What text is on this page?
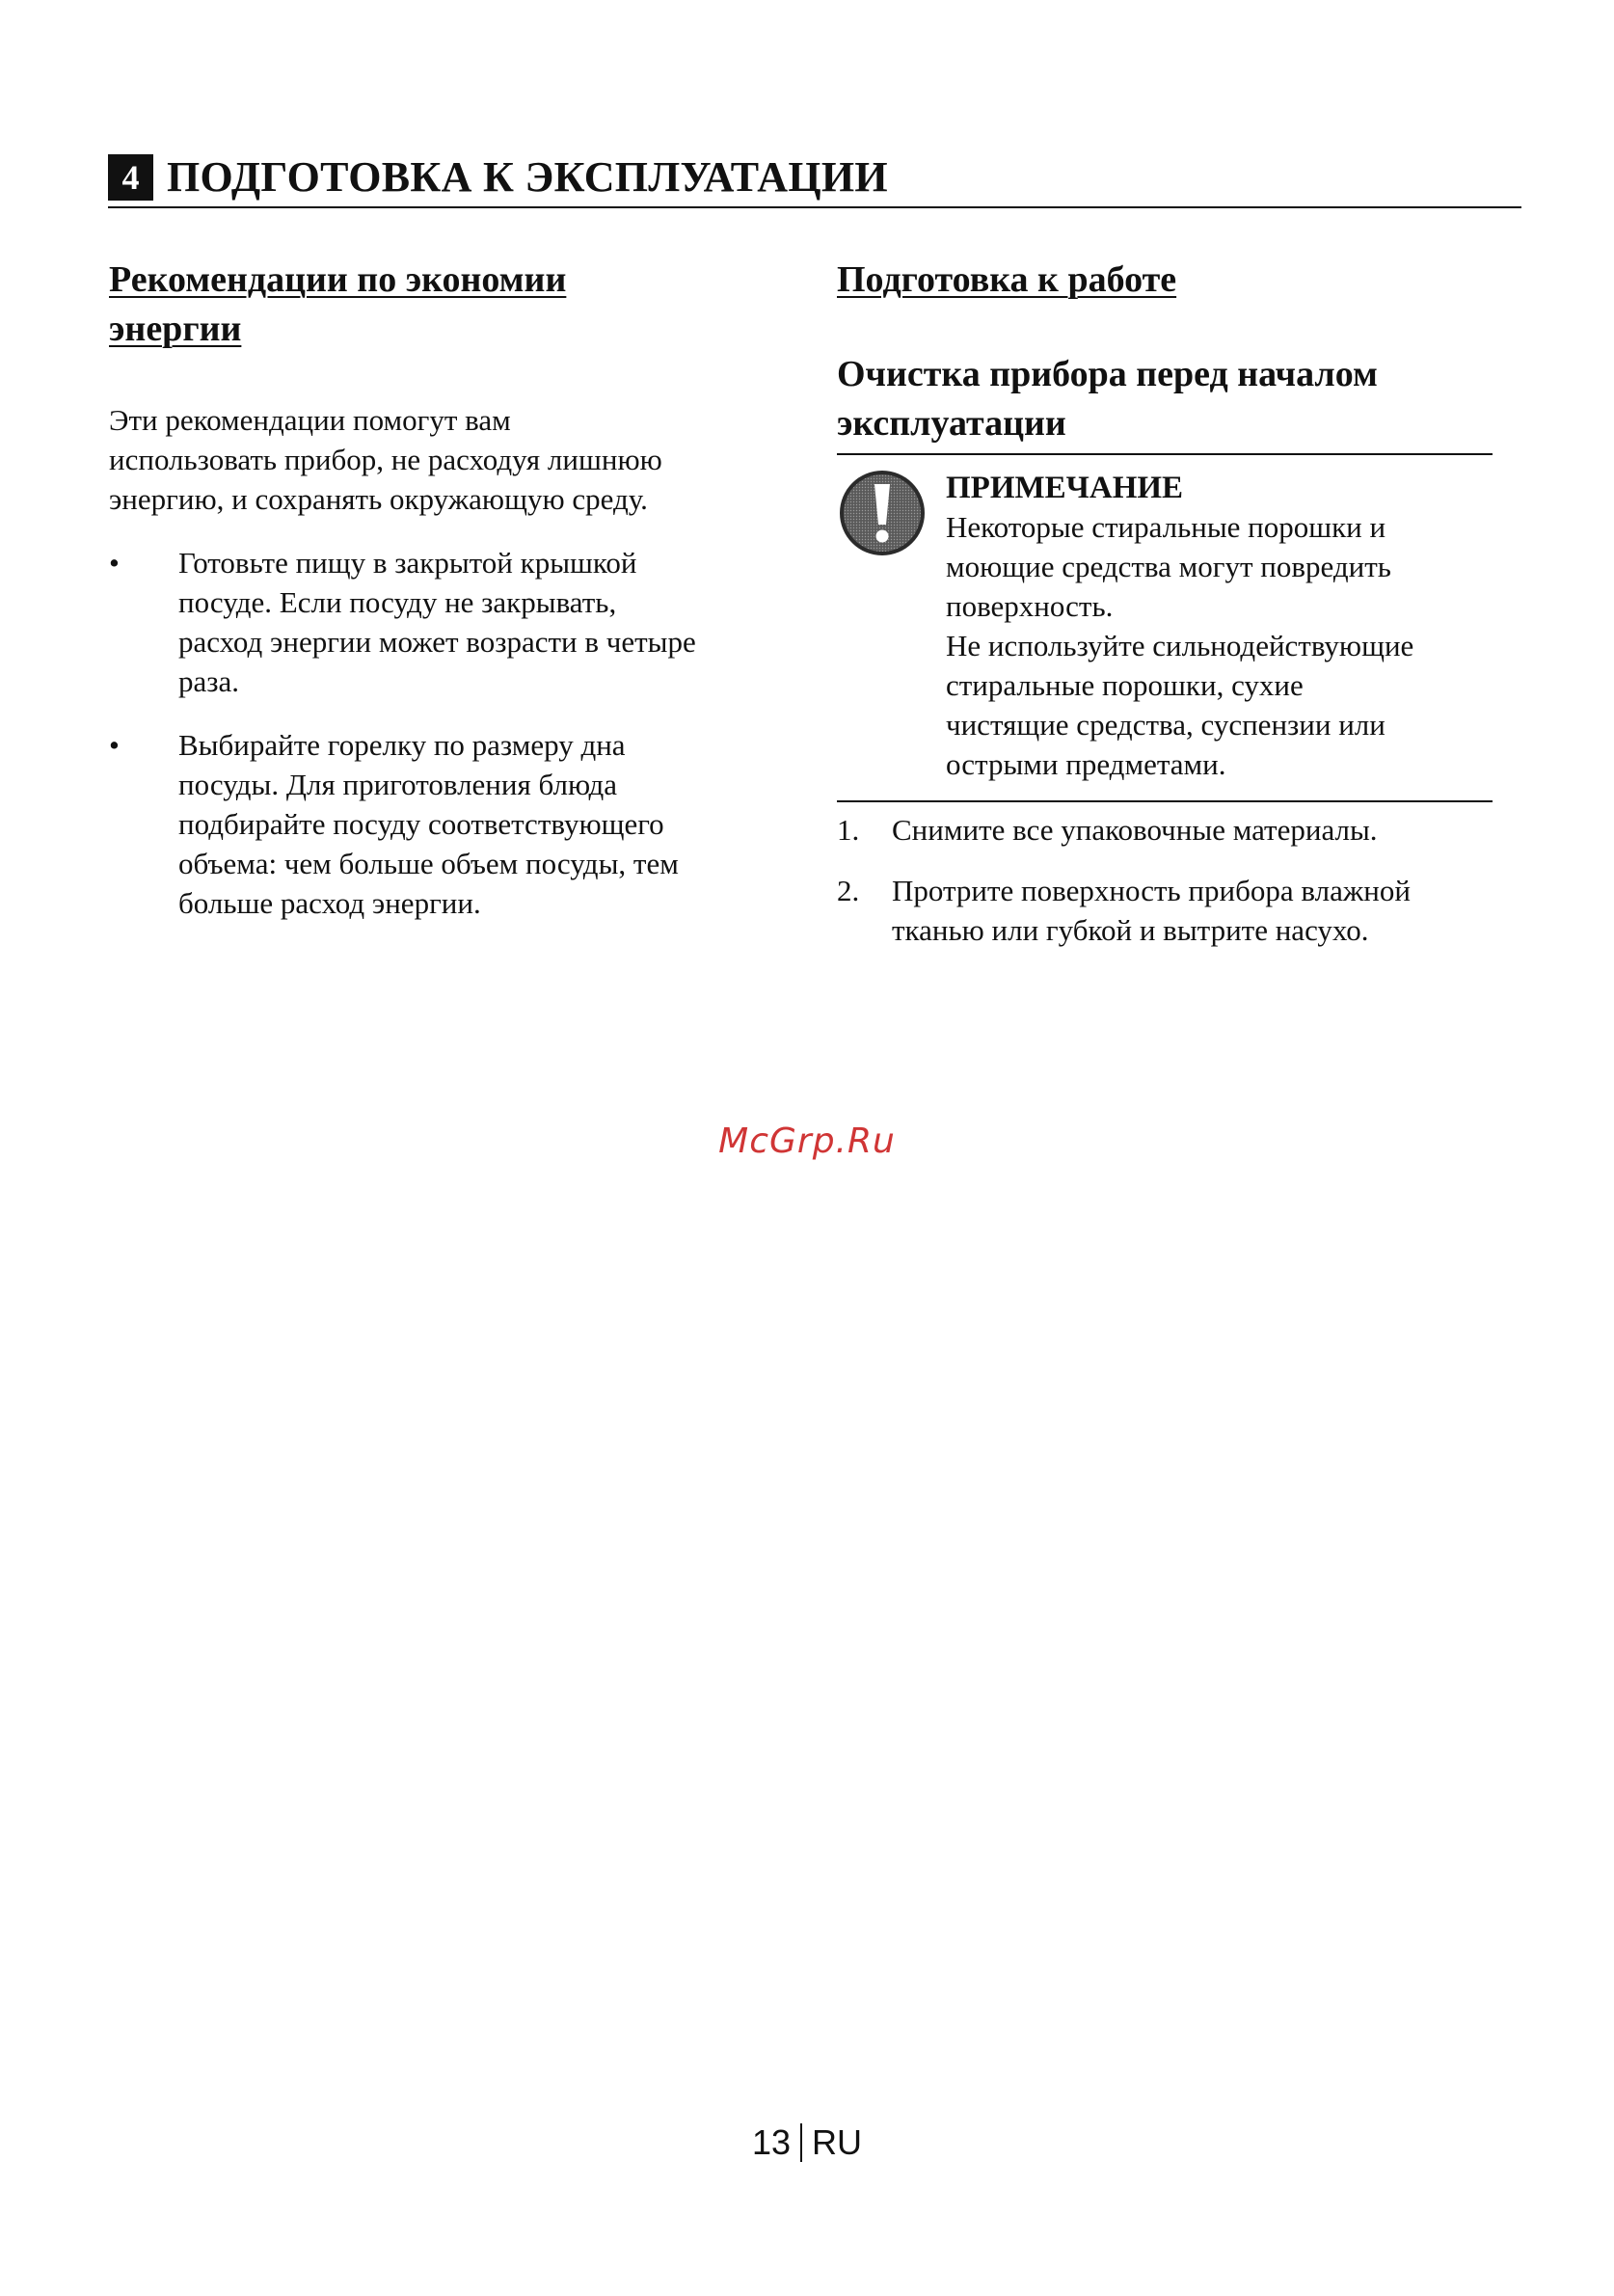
4 ПОДГОТОВКА К ЭКСПЛУАТАЦИИ
Рекомендации по экономии
энергии
Эти рекомендации помогут вам
использовать прибор, не расходуя лишнюю
энергию, и сохранять окружающую среду.
•	Готовьте пищу в закрытой крышкой
посуде. Если посуду не закрывать,
расход энергии может возрасти в четыре
раза.
•	Выбирайте горелку по размеру дна
посуды. Для приготовления блюда
подбирайте посуду соответствующего
объема: чем больше объем посуды, тем
больше расход энергии.
Подготовка к работе
Очистка прибора перед началом
эксплуатации
ПРИМЕЧАНИЕ
Некоторые стиральные порошки и
моющие средства могут повредить
поверхность.
Не используйте сильнодействующие
стиральные порошки, сухие
чистящие средства, суспензии или
острыми предметами.
1.	Снимите все упаковочные материалы.
2.	Протрите поверхность прибора влажной
тканью или губкой и вытрите насухо.
McGrp.Ru
13 RU
